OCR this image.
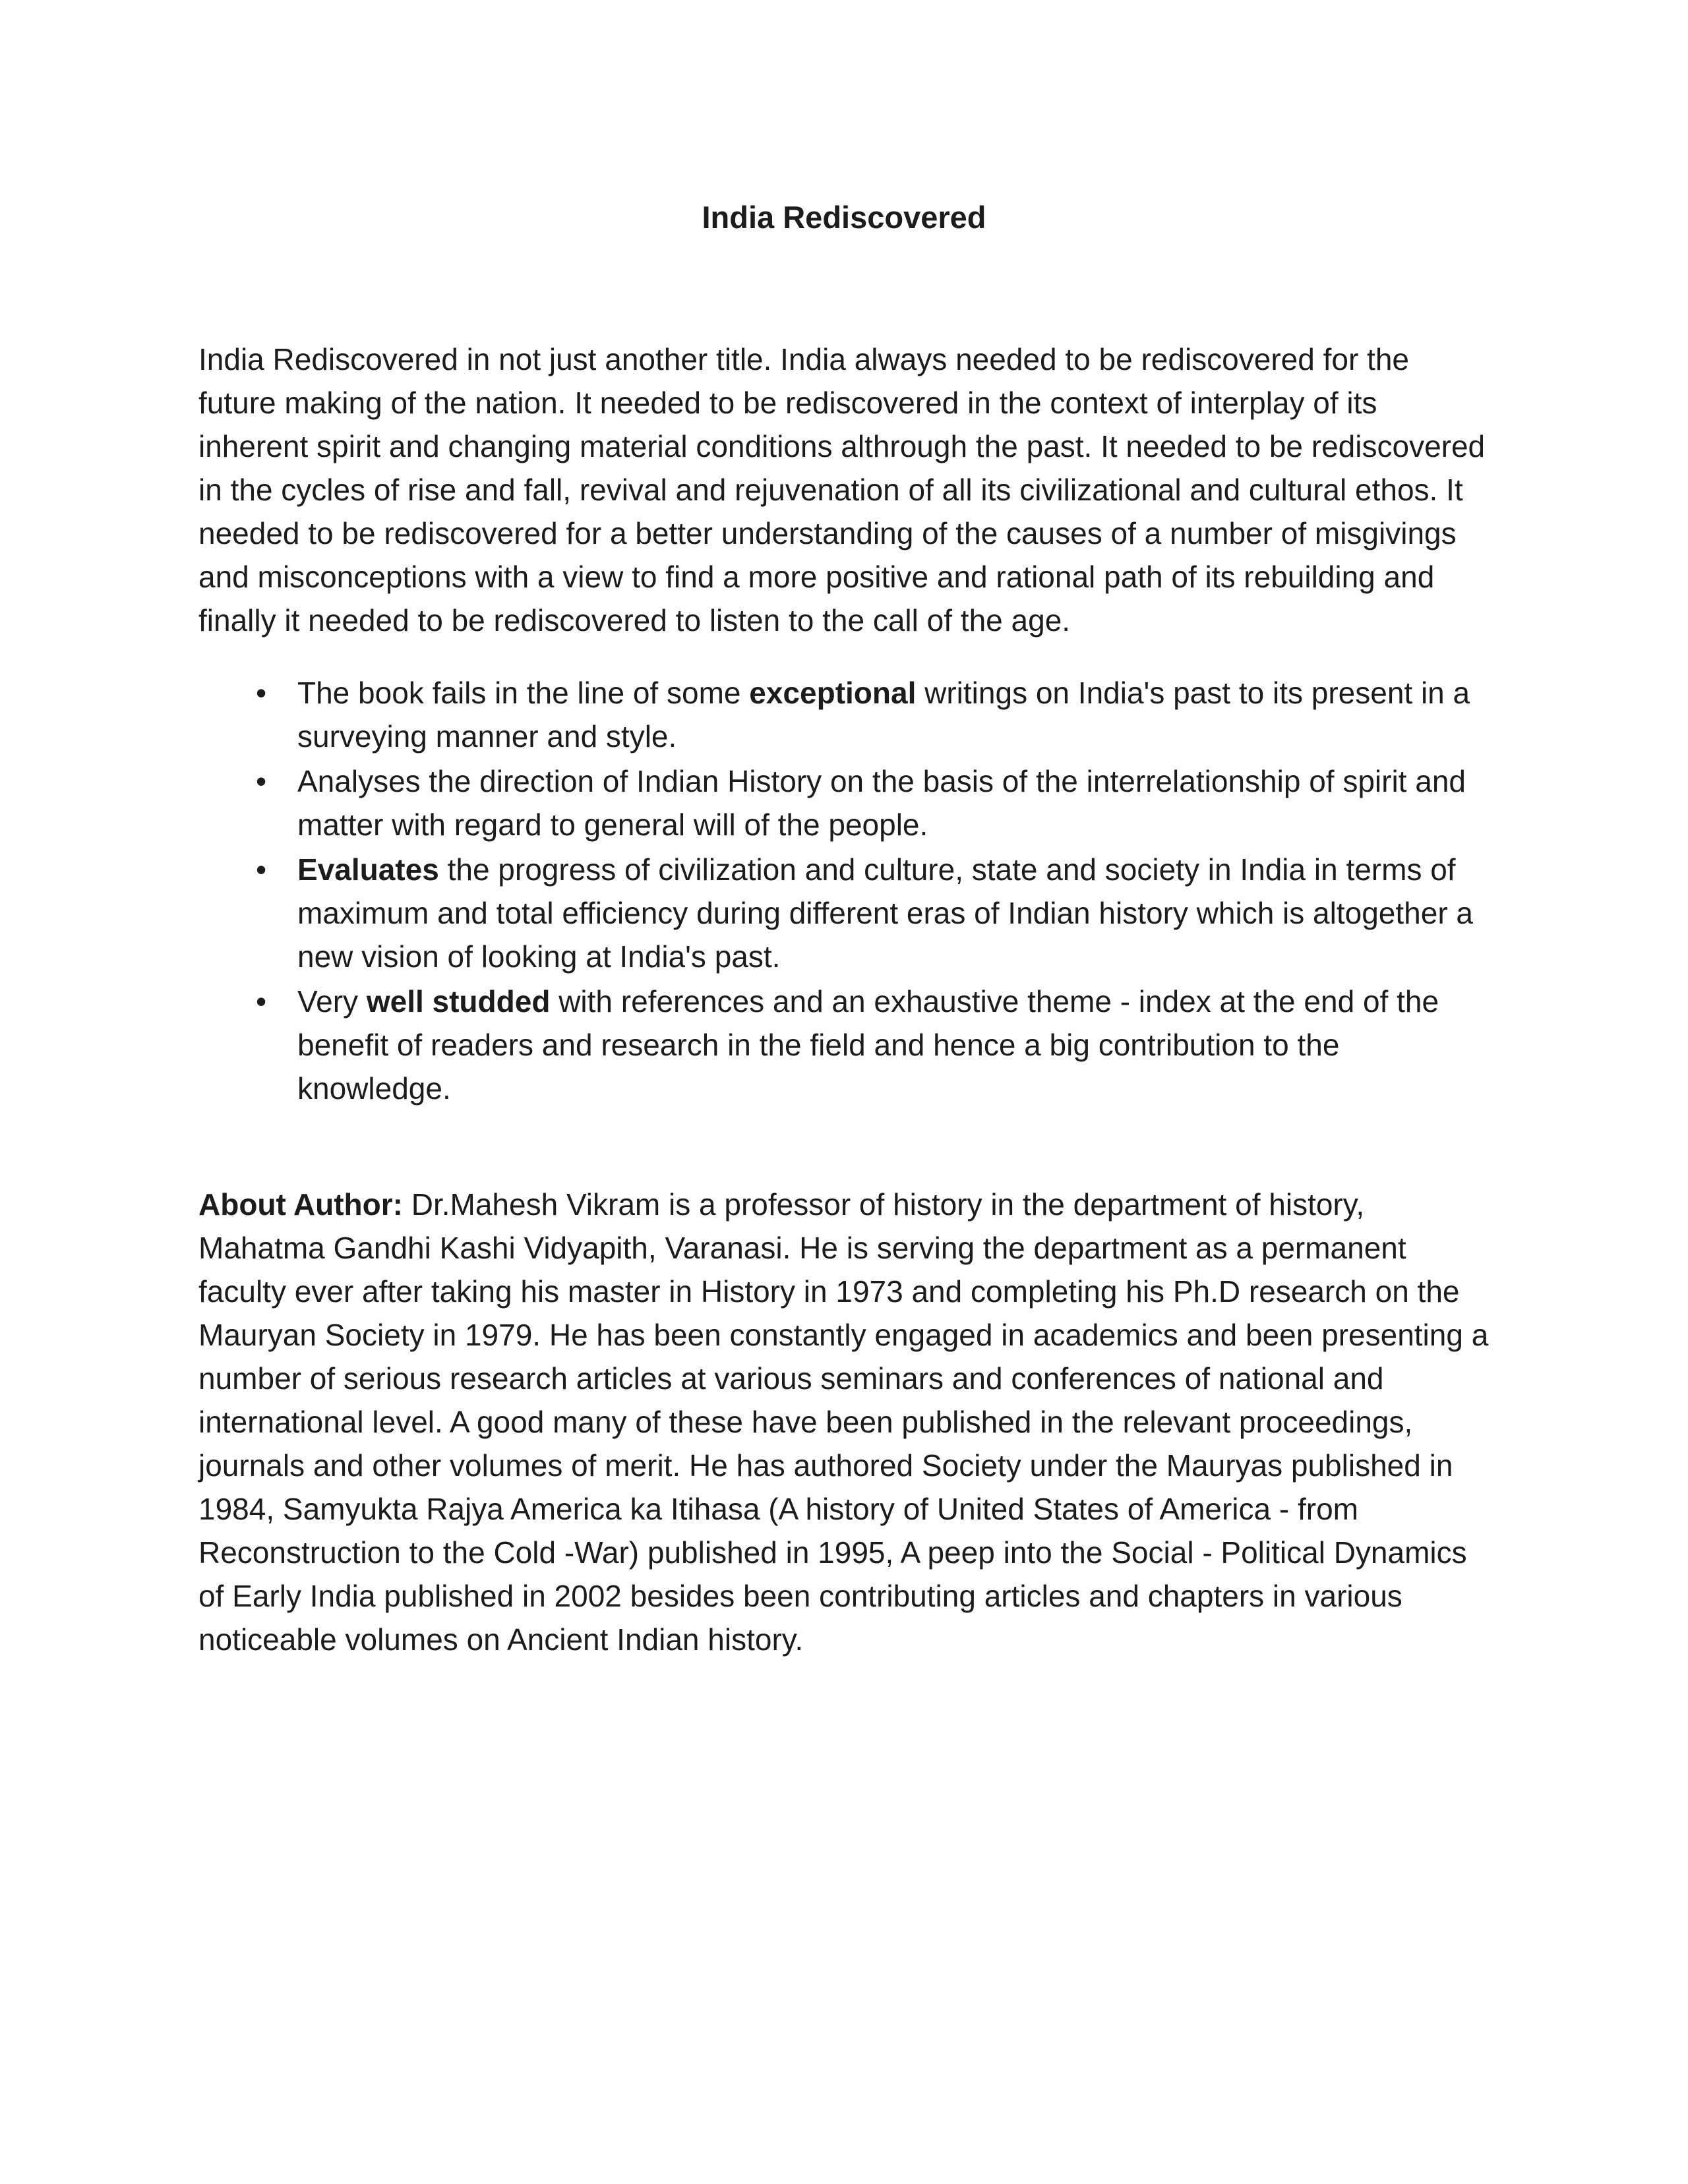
India Rediscovered

India Rediscovered in not just another title. India always needed to be rediscovered for the future making of the nation. It needed to be rediscovered in the context of interplay of its inherent spirit and changing material conditions althrough the past. It needed to be rediscovered in the cycles of rise and fall, revival and rejuvenation of all its civilizational and cultural ethos. It needed to be rediscovered for a better understanding of the causes of a number of misgivings and misconceptions with a view to find a more positive and rational path of its rebuilding and finally it needed to be rediscovered to listen to the call of the age.

• The book fails in the line of some exceptional writings on India's past to its present in a surveying manner and style.
• Analyses the direction of Indian History on the basis of the interrelationship of spirit and matter with regard to general will of the people.
• Evaluates the progress of civilization and culture, state and society in India in terms of maximum and total efficiency during different eras of Indian history which is altogether a new vision of looking at India's past.
• Very well studded with references and an exhaustive theme - index at the end of the benefit of readers and research in the field and hence a big contribution to the knowledge.

About Author: Dr.Mahesh Vikram is a professor of history in the department of history, Mahatma Gandhi Kashi Vidyapith, Varanasi. He is serving the department as a permanent faculty ever after taking his master in History in 1973 and completing his Ph.D research on the Mauryan Society in 1979. He has been constantly engaged in academics and been presenting a number of serious research articles at various seminars and conferences of national and international level. A good many of these have been published in the relevant proceedings, journals and other volumes of merit. He has authored Society under the Mauryas published in 1984, Samyukta Rajya America ka Itihasa (A history of United States of America - from Reconstruction to the Cold -War) published in 1995, A peep into the Social - Political Dynamics of Early India published in 2002 besides been contributing articles and chapters in various noticeable volumes on Ancient Indian history.
